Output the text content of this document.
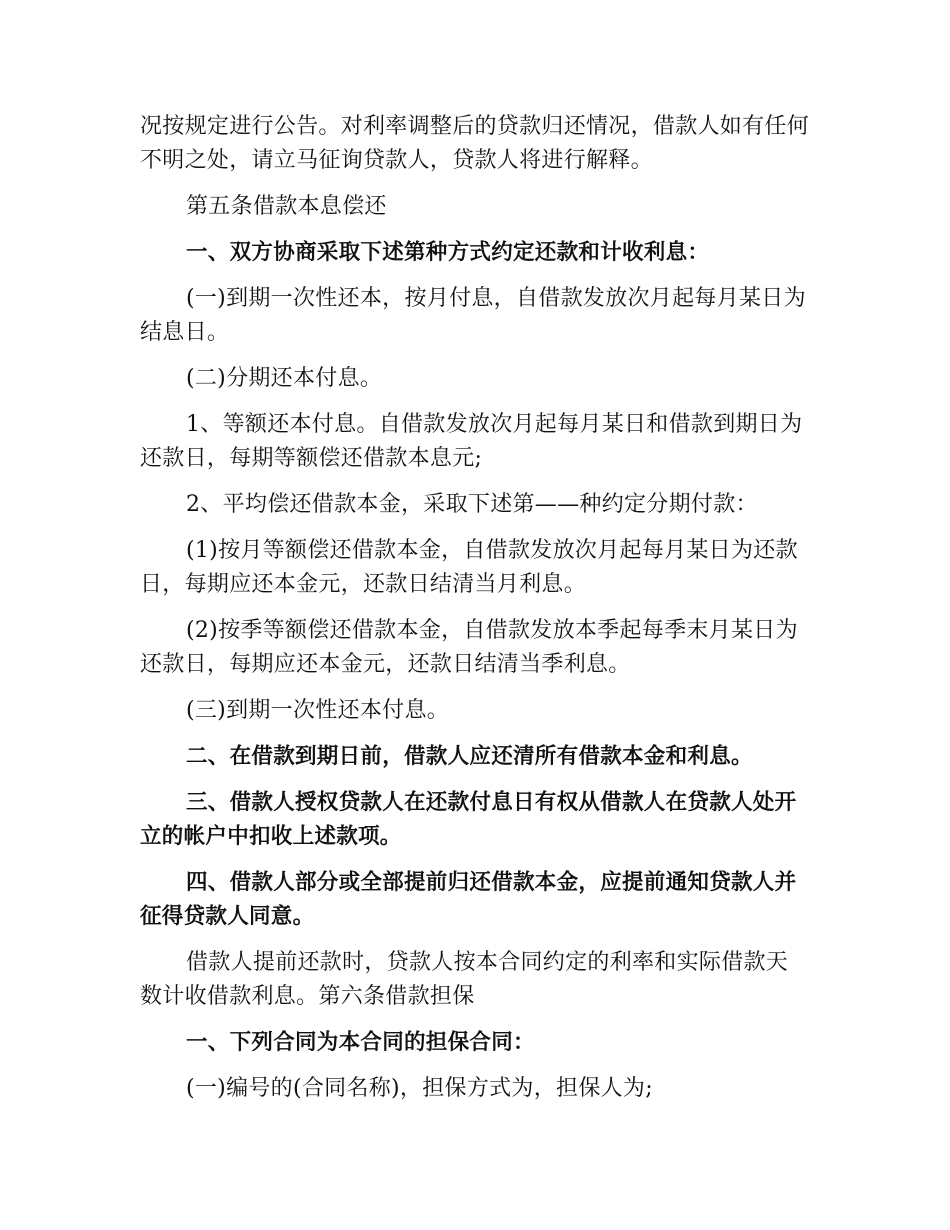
况按规定进行公告。对利率调整后的贷款归还情况，借款人如有任何不明之处，请立马征询贷款人，贷款人将进行解释。

第五条借款本息偿还

一、双方协商采取下述第种方式约定还款和计收利息：

(一)到期一次性还本，按月付息，自借款发放次月起每月某日为结息日。

(二)分期还本付息。

1、等额还本付息。自借款发放次月起每月某日和借款到期日为还款日，每期等额偿还借款本息元;

2、平均偿还借款本金，采取下述第——种约定分期付款：

(1)按月等额偿还借款本金，自借款发放次月起每月某日为还款日，每期应还本金元，还款日结清当月利息。

(2)按季等额偿还借款本金，自借款发放本季起每季末月某日为还款日，每期应还本金元，还款日结清当季利息。

(三)到期一次性还本付息。

二、在借款到期日前，借款人应还清所有借款本金和利息。

三、借款人授权贷款人在还款付息日有权从借款人在贷款人处开立的帐户中扣收上述款项。

四、借款人部分或全部提前归还借款本金，应提前通知贷款人并征得贷款人同意。

借款人提前还款时，贷款人按本合同约定的利率和实际借款天数计收借款利息。第六条借款担保

一、下列合同为本合同的担保合同：

(一)编号的(合同名称)，担保方式为，担保人为;
